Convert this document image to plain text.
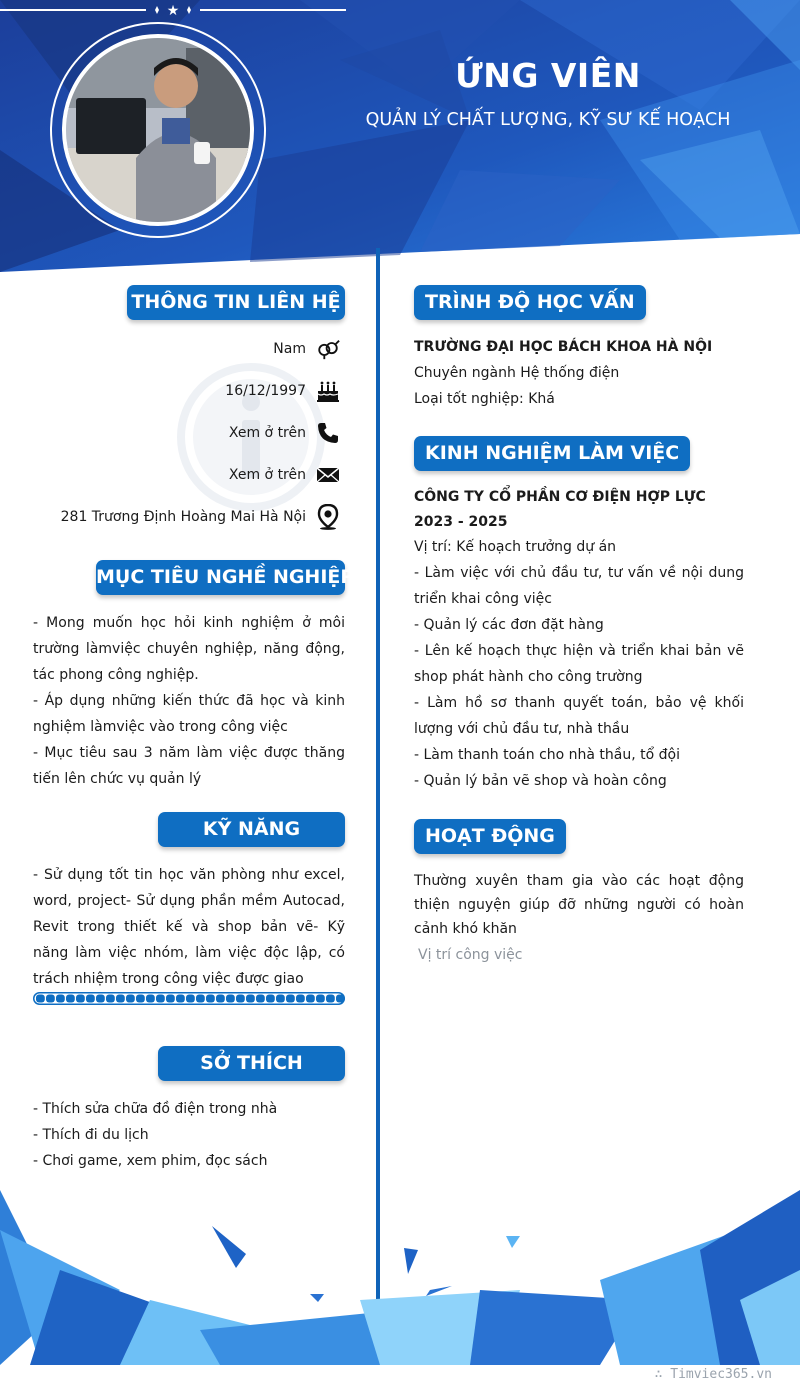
ỨNG VIÊN
QUẢN LÝ CHẤT LƯỢNG, KỸ SƯ KẾ HOẠCH
★
THÔNG TIN LIÊN HỆ
Nam
16/12/1997
Xem ở trên
Xem ở trên
281 Trương Định Hoàng Mai Hà Nội
MỤC TIÊU NGHỀ NGHIỆP
- Mong muốn học hỏi kinh nghiệm ở môi trường làmviệc chuyên nghiệp, năng động, tác phong công nghiệp.
- Áp dụng những kiến thức đã học và kinh nghiệm làmviệc vào trong công việc
- Mục tiêu sau 3 năm làm việc được thăng tiến lên chức vụ quản lý
KỸ NĂNG
- Sử dụng tốt tin học văn phòng như excel, word, project- Sử dụng phần mềm Autocad, Revit trong thiết kế và shop bản vẽ- Kỹ năng làm việc nhóm, làm việc độc lập, có trách nhiệm trong công việc được giao
SỞ THÍCH
- Thích sửa chữa đồ điện trong nhà
- Thích đi du lịch
- Chơi game, xem phim, đọc sách
TRÌNH ĐỘ HỌC VẤN
TRƯỜNG ĐẠI HỌC BÁCH KHOA HÀ NỘI
Chuyên ngành Hệ thống điện
Loại tốt nghiệp: Khá
KINH NGHIỆM LÀM VIỆC
CÔNG TY CỔ PHẦN CƠ ĐIỆN HỢP LỰC
2023 - 2025
Vị trí: Kế hoạch trưởng dự án
- Làm việc với chủ đầu tư, tư vấn về nội dung triển khai công việc
- Quản lý các đơn đặt hàng
- Lên kế hoạch thực hiện và triển khai bản vẽ shop phát hành cho công trường
- Làm hồ sơ thanh quyết toán, bảo vệ khối lượng với chủ đầu tư, nhà thầu
- Làm thanh toán cho nhà thầu, tổ đội
- Quản lý bản vẽ shop và hoàn công
HOẠT ĐỘNG
Thường xuyên tham gia vào các hoạt động thiện nguyện giúp đỡ những người có hoàn cảnh khó khăn
Vị trí công việc
∴ Timviec365.vn
